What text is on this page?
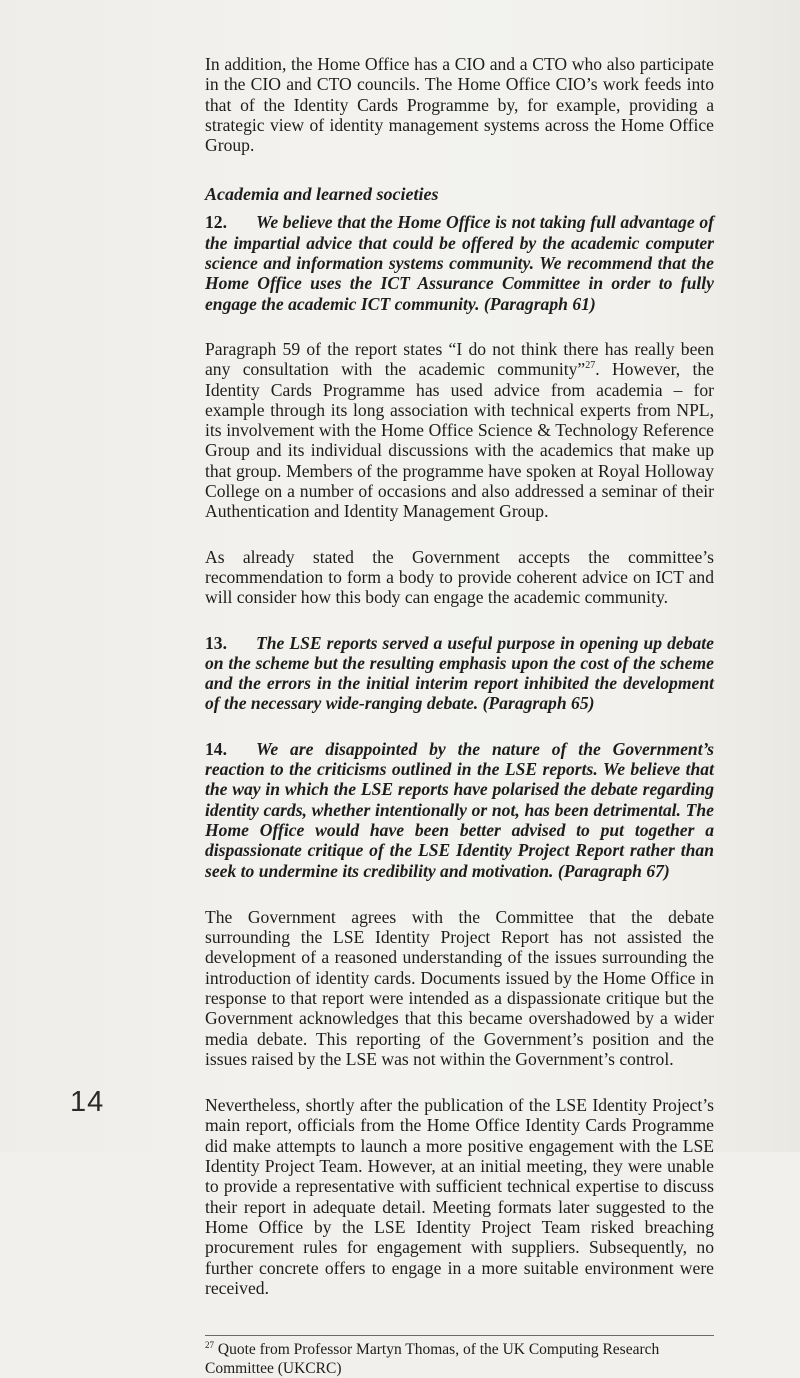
In addition, the Home Office has a CIO and a CTO who also participate in the CIO and CTO councils. The Home Office CIO’s work feeds into that of the Identity Cards Programme by, for example, providing a strategic view of identity management systems across the Home Office Group.

Academia and learned societies

12. We believe that the Home Office is not taking full advantage of the impartial advice that could be offered by the academic computer science and information systems community. We recommend that the Home Office uses the ICT Assurance Committee in order to fully engage the academic ICT community. (Paragraph 61)

Paragraph 59 of the report states “I do not think there has really been any consultation with the academic community”$^{27}$. However, the Identity Cards Programme has used advice from academia – for example through its long association with technical experts from NPL, its involvement with the Home Office Science & Technology Reference Group and its individual discussions with the academics that make up that group. Members of the programme have spoken at Royal Holloway College on a number of occasions and also addressed a seminar of their Authentication and Identity Management Group.

As already stated the Government accepts the committee’s recommendation to form a body to provide coherent advice on ICT and will consider how this body can engage the academic community.

13. The LSE reports served a useful purpose in opening up debate on the scheme but the resulting emphasis upon the cost of the scheme and the errors in the initial interim report inhibited the development of the necessary wide-ranging debate. (Paragraph 65)

14. We are disappointed by the nature of the Government’s reaction to the criticisms outlined in the LSE reports. We believe that the way in which the LSE reports have polarised the debate regarding identity cards, whether intentionally or not, has been detrimental. The Home Office would have been better advised to put together a dispassionate critique of the LSE Identity Project Report rather than seek to undermine its credibility and motivation. (Paragraph 67)

The Government agrees with the Committee that the debate surrounding the LSE Identity Project Report has not assisted the development of a reasoned understanding of the issues surrounding the introduction of identity cards. Documents issued by the Home Office in response to that report were intended as a dispassionate critique but the Government acknowledges that this became overshadowed by a wider media debate. This reporting of the Government’s position and the issues raised by the LSE was not within the Government’s control.

Nevertheless, shortly after the publication of the LSE Identity Project’s main report, officials from the Home Office Identity Cards Programme did make attempts to launch a more positive engagement with the LSE Identity Project Team. However, at an initial meeting, they were unable to provide a representative with sufficient technical expertise to discuss their report in adequate detail. Meeting formats later suggested to the Home Office by the LSE Identity Project Team risked breaching procurement rules for engagement with suppliers. Subsequently, no further concrete offers to engage in a more suitable environment were received.

$^{27}$ Quote from Professor Martyn Thomas, of the UK Computing Research Committee (UKCRC)

14
